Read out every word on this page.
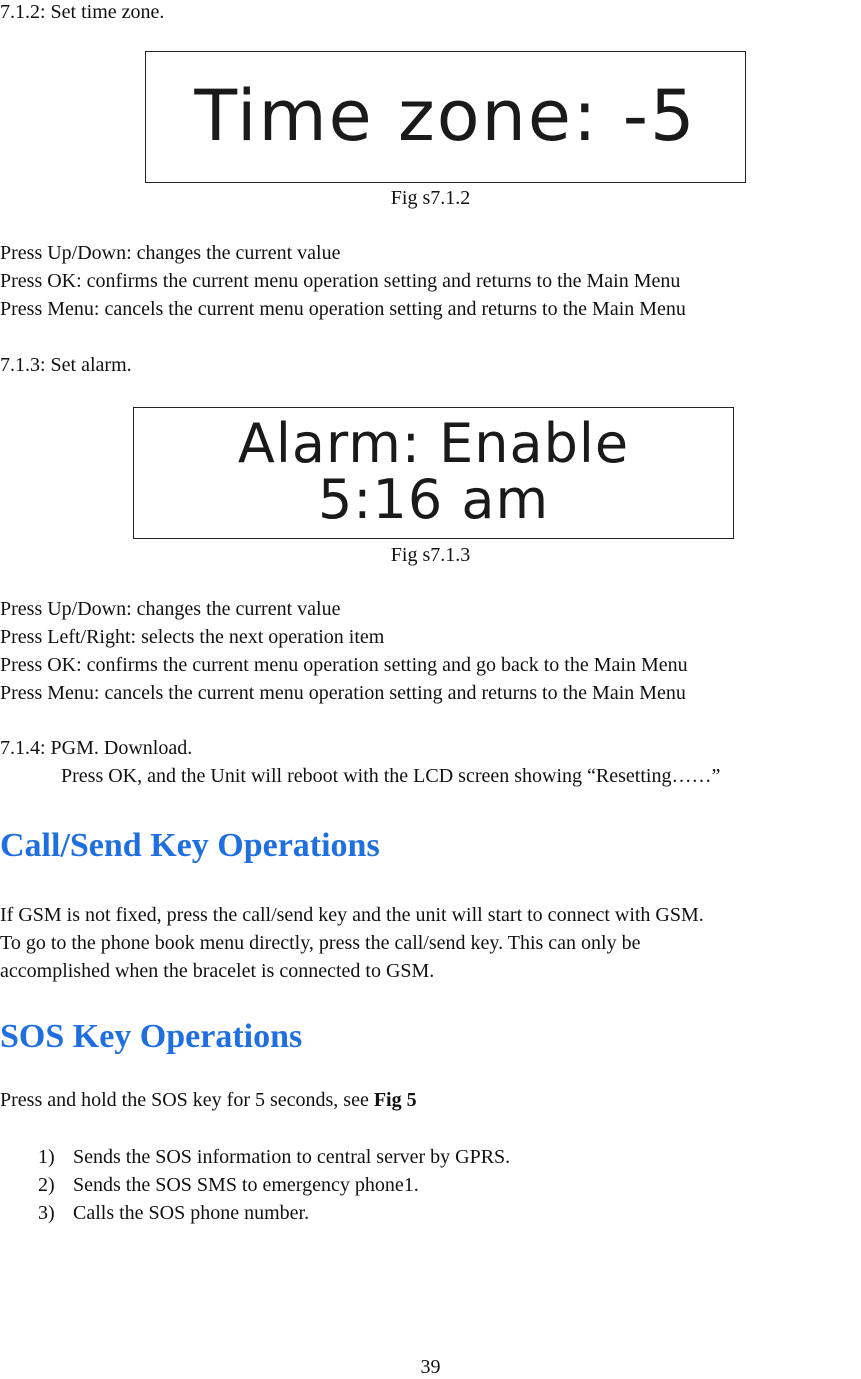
7.1.2: Set time zone.
Time zone: -5
Fig s7.1.2
Press Up/Down: changes the current value
Press OK: confirms the current menu operation setting and returns to the Main Menu
Press Menu: cancels the current menu operation setting and returns to the Main Menu
7.1.3: Set alarm.
Alarm: Enable
5:16 am
Fig s7.1.3
Press Up/Down: changes the current value
Press Left/Right: selects the next operation item
Press OK: confirms the current menu operation setting and go back to the Main Menu
Press Menu: cancels the current menu operation setting and returns to the Main Menu
7.1.4: PGM. Download.
Press OK, and the Unit will reboot with the LCD screen showing “Resetting……”
Call/Send Key Operations
If GSM is not fixed, press the call/send key and the unit will start to connect with GSM.
To go to the phone book menu directly, press the call/send key. This can only be
accomplished when the bracelet is connected to GSM.
SOS Key Operations
Press and hold the SOS key for 5 seconds, see Fig 5
1) Sends the SOS information to central server by GPRS.
2) Sends the SOS SMS to emergency phone1.
3) Calls the SOS phone number.
39
